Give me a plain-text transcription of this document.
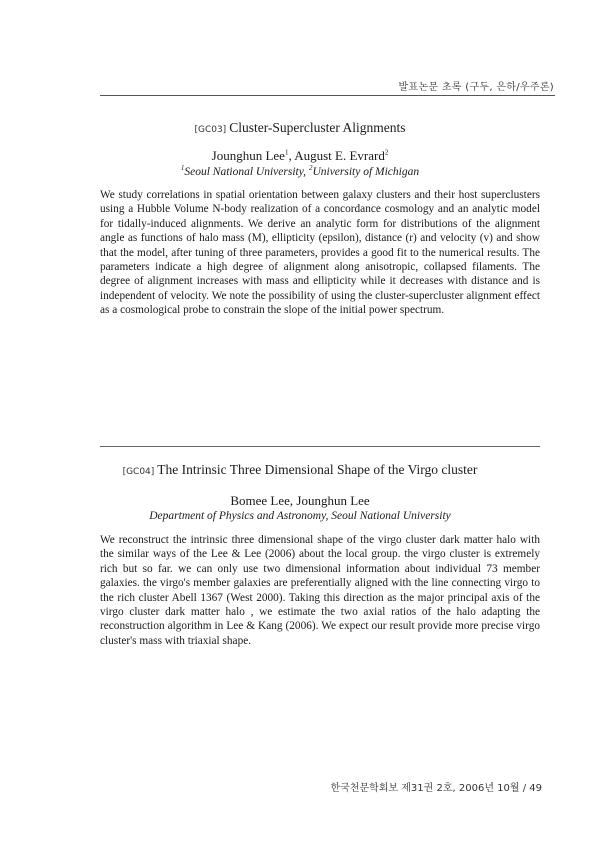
발표논문 초록 (구두, 은하/우주론)
[GC03] Cluster-Supercluster Alignments
Jounghun Lee$^1$, August E. Evrard$^2$
$^1$Seoul National University, $^2$University of Michigan
We study correlations in spatial orientation between galaxy clusters and their host superclusters using a Hubble Volume N-body realization of a concordance cosmology and an analytic model for tidally-induced alignments. We derive an analytic form for distributions of the alignment angle as functions of halo mass (M), ellipticity (epsilon), distance (r) and velocity (v) and show that the model, after tuning of three parameters, provides a good fit to the numerical results. The parameters indicate a high degree of alignment along anisotropic, collapsed filaments. The degree of alignment increases with mass and ellipticity while it decreases with distance and is independent of velocity. We note the possibility of using the cluster-supercluster alignment effect as a cosmological probe to constrain the slope of the initial power spectrum.
[GC04] The Intrinsic Three Dimensional Shape of the Virgo cluster
Bomee Lee, Jounghun Lee
Department of Physics and Astronomy, Seoul National University
We reconstruct the intrinsic three dimensional shape of the virgo cluster dark matter halo with the similar ways of the Lee & Lee (2006) about the local group. the virgo cluster is extremely rich but so far. we can only use two dimensional information about individual 73 member galaxies. the virgo's member galaxies are preferentially aligned with the line connecting virgo to the rich cluster Abell 1367 (West 2000). Taking this direction as the major principal axis of the virgo cluster dark matter halo , we estimate the two axial ratios of the halo adapting the reconstruction algorithm in Lee & Kang (2006). We expect our result provide more precise virgo cluster's mass with triaxial shape.
한국천문학회보 제31권 2호, 2006년 10월 / 49
